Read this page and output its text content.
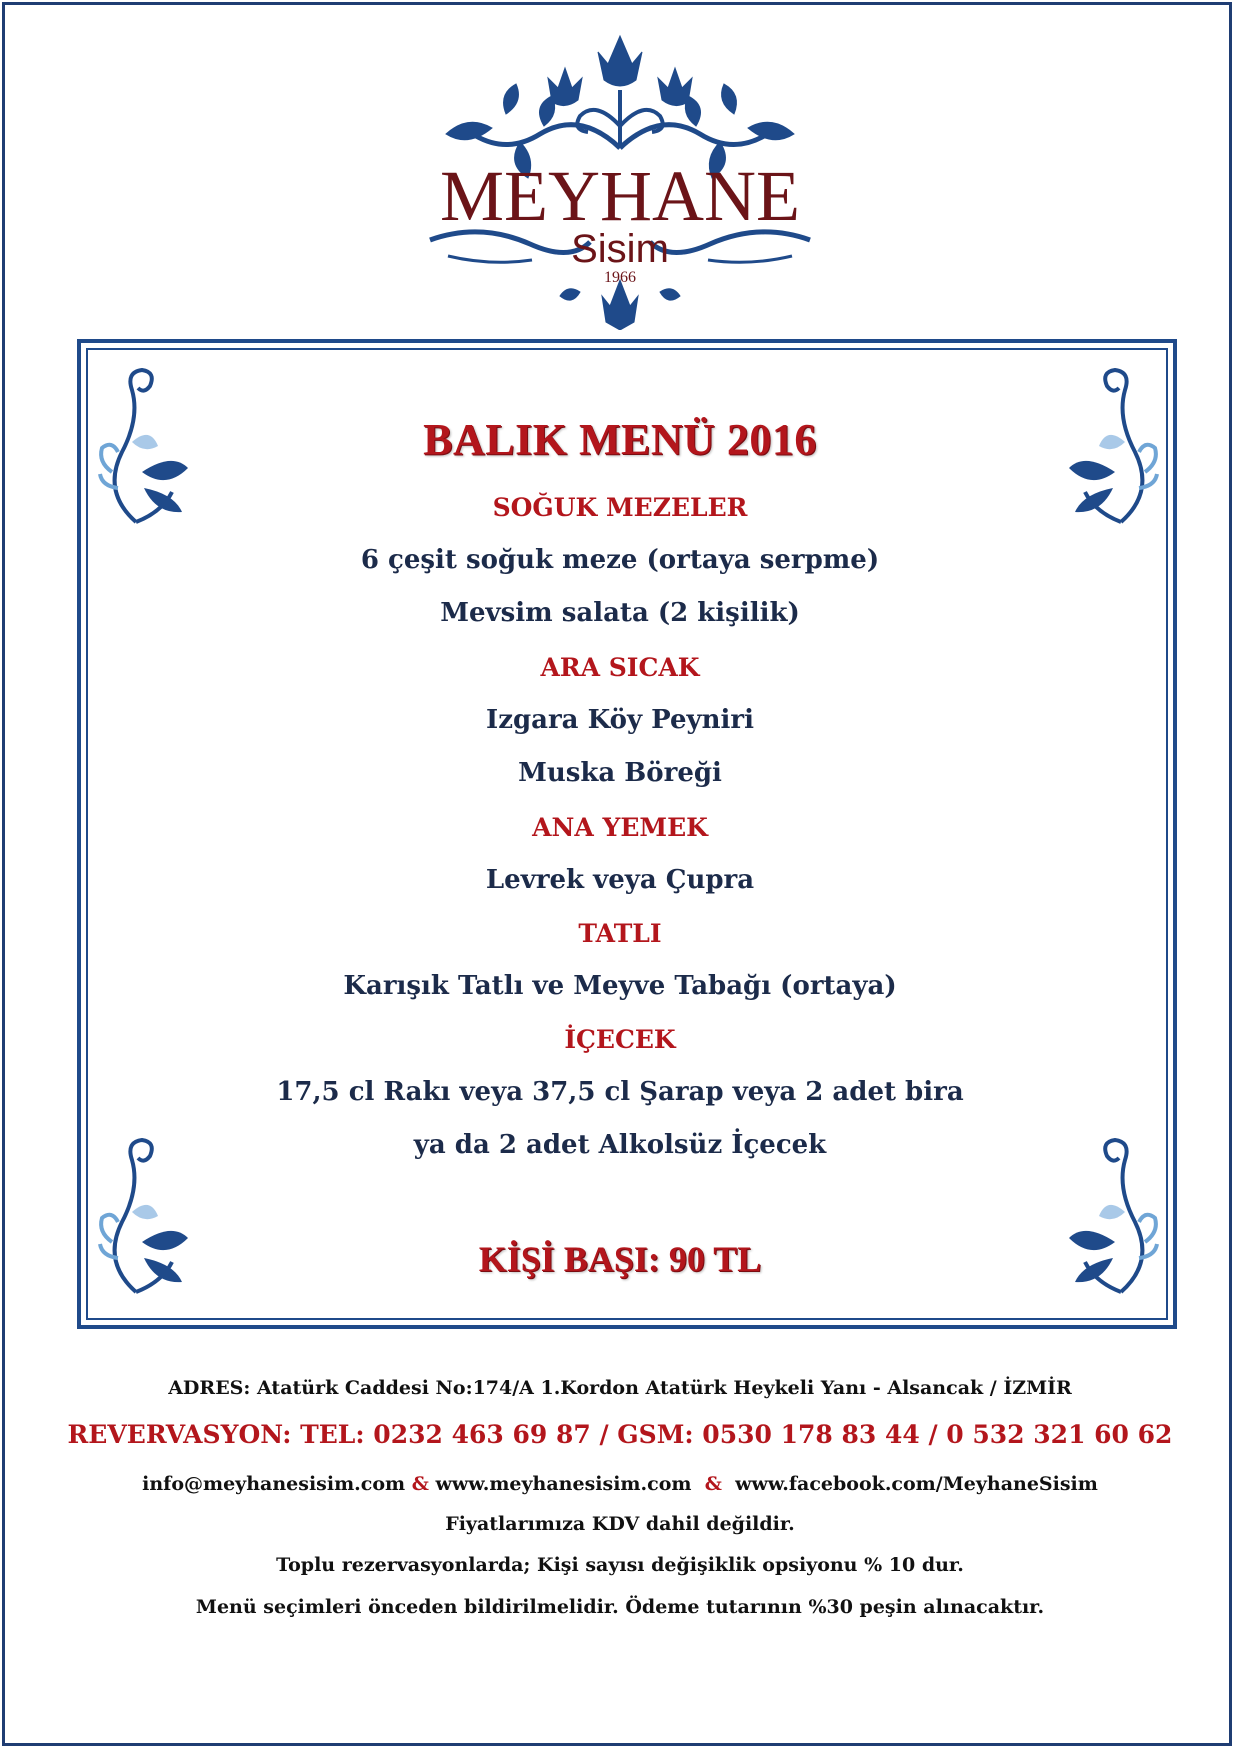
MEYHANE
Sisim
1966
BALIK MENÜ 2016
SOĞUK MEZELER
6 çeşit soğuk meze (ortaya serpme)
Mevsim salata (2 kişilik)
ARA SICAK
Izgara Köy Peyniri
Muska Böreği
ANA YEMEK
Levrek veya Çupra
TATLI
Karışık Tatlı ve Meyve Tabağı (ortaya)
İÇECEK
17,5 cl Rakı veya 37,5 cl Şarap veya 2 adet bira
ya da 2 adet Alkolsüz İçecek
KİŞİ BAŞI: 90 TL
ADRES: Atatürk Caddesi No:174/A 1.Kordon Atatürk Heykeli Yanı - Alsancak / İZMİR
REVERVASYON: TEL: 0232 463 69 87 / GSM: 0530 178 83 44 / 0 532 321 60 62
info@meyhanesisim.com & www.meyhanesisim.com & www.facebook.com/MeyhaneSisim
Fiyatlarımıza KDV dahil değildir.
Toplu rezervasyonlarda; Kişi sayısı değişiklik opsiyonu % 10 dur.
Menü seçimleri önceden bildirilmelidir. Ödeme tutarının %30 peşin alınacaktır.
